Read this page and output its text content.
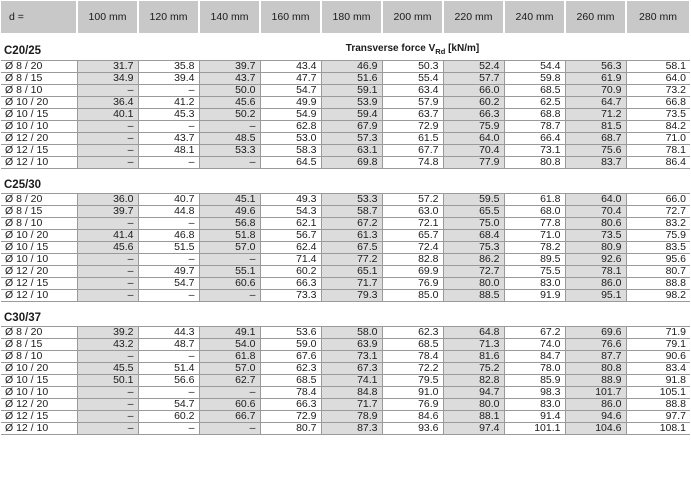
d =	100 mm	120 mm	140 mm	160 mm	180 mm	200 mm	220 mm	240 mm	260 mm	280 mm

C20/25				Transverse force $V_{Rd}$ [kN/m]						
Ø 8 / 20	31.7	35.8	39.7	43.4	46.9	50.3	52.4	54.4	56.3	58.1
Ø 8 / 15	34.9	39.4	43.7	47.7	51.6	55.4	57.7	59.8	61.9	64.0
Ø 8 / 10	–	–	50.0	54.7	59.1	63.4	66.0	68.5	70.9	73.2
Ø 10 / 20	36.4	41.2	45.6	49.9	53.9	57.9	60.2	62.5	64.7	66.8
Ø 10 / 15	40.1	45.3	50.2	54.9	59.4	63.7	66.3	68.8	71.2	73.5
Ø 10 / 10	–	–	–	62.8	67.9	72.9	75.9	78.7	81.5	84.2
Ø 12 / 20	–	43.7	48.5	53.0	57.3	61.5	64.0	66.4	68.7	71.0
Ø 12 / 15	–	48.1	53.3	58.3	63.1	67.7	70.4	73.1	75.6	78.1
Ø 12 / 10	–	–	–	64.5	69.8	74.8	77.9	80.8	83.7	86.4

C25/30										
Ø 8 / 20	36.0	40.7	45.1	49.3	53.3	57.2	59.5	61.8	64.0	66.0
Ø 8 / 15	39.7	44.8	49.6	54.3	58.7	63.0	65.5	68.0	70.4	72.7
Ø 8 / 10	–	–	56.8	62.1	67.2	72.1	75.0	77.8	80.6	83.2
Ø 10 / 20	41.4	46.8	51.8	56.7	61.3	65.7	68.4	71.0	73.5	75.9
Ø 10 / 15	45.6	51.5	57.0	62.4	67.5	72.4	75.3	78.2	80.9	83.5
Ø 10 / 10	–	–	–	71.4	77.2	82.8	86.2	89.5	92.6	95.6
Ø 12 / 20	–	49.7	55.1	60.2	65.1	69.9	72.7	75.5	78.1	80.7
Ø 12 / 15	–	54.7	60.6	66.3	71.7	76.9	80.0	83.0	86.0	88.8
Ø 12 / 10	–	–	–	73.3	79.3	85.0	88.5	91.9	95.1	98.2

C30/37										
Ø 8 / 20	39.2	44.3	49.1	53.6	58.0	62.3	64.8	67.2	69.6	71.9
Ø 8 / 15	43.2	48.7	54.0	59.0	63.9	68.5	71.3	74.0	76.6	79.1
Ø 8 / 10	–	–	61.8	67.6	73.1	78.4	81.6	84.7	87.7	90.6
Ø 10 / 20	45.5	51.4	57.0	62.3	67.3	72.2	75.2	78.0	80.8	83.4
Ø 10 / 15	50.1	56.6	62.7	68.5	74.1	79.5	82.8	85.9	88.9	91.8
Ø 10 / 10	–	–	–	78.4	84.8	91.0	94.7	98.3	101.7	105.1
Ø 12 / 20	–	54.7	60.6	66.3	71.7	76.9	80.0	83.0	86.0	88.8
Ø 12 / 15	–	60.2	66.7	72.9	78.9	84.6	88.1	91.4	94.6	97.7
Ø 12 / 10	–	–	–	80.7	87.3	93.6	97.4	101.1	104.6	108.1
